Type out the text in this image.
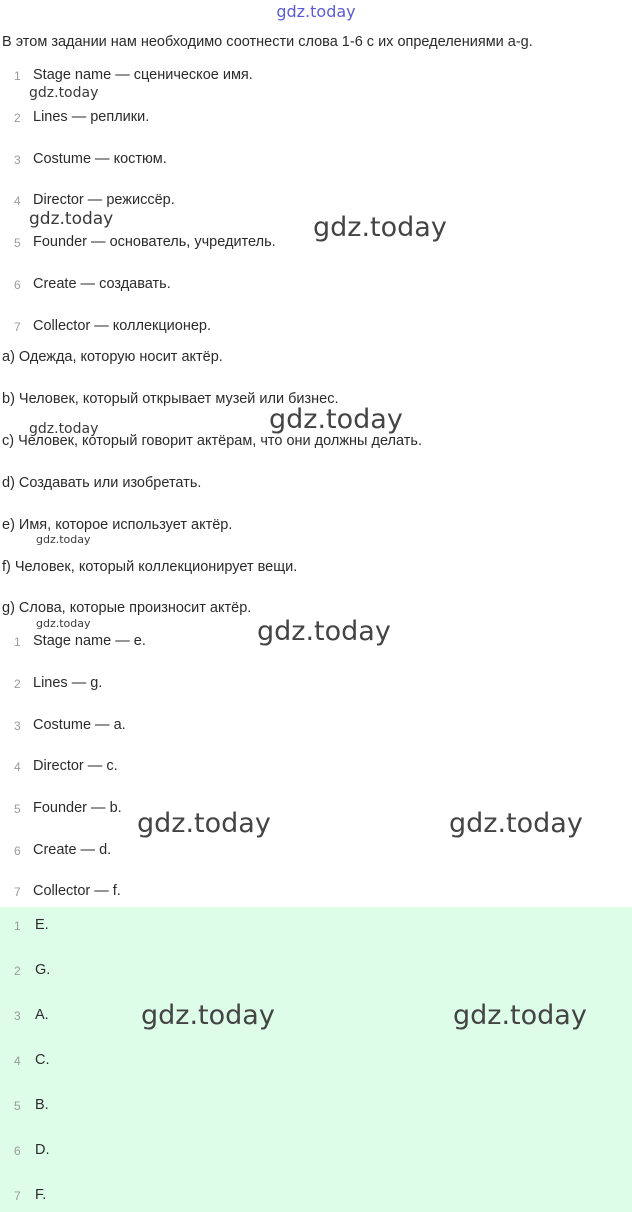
gdz.today
В этом задании нам необходимо соотнести слова 1-6 с их определениями a-g.
1 Stage name — сценическое имя.
2 Lines — реплики.
3 Costume — костюм.
4 Director — режиссёр.
5 Founder — основатель, учредитель.
6 Create — создавать.
7 Collector — коллекционер.
a) Одежда, которую носит актёр.
b) Человек, который открывает музей или бизнес.
c) Человек, который говорит актёрам, что они должны делать.
d) Создавать или изобретать.
e) Имя, которое использует актёр.
f) Человек, который коллекционирует вещи.
g) Слова, которые произносит актёр.
1 Stage name — e.
2 Lines — g.
3 Costume — a.
4 Director — c.
5 Founder — b.
6 Create — d.
7 Collector — f.
1 E.
2 G.
3 A.
4 C.
5 B.
6 D.
7 F.
gdz.today
gdz.today	gdz.today
gdz.today
gdz.today
gdz.today
gdz.today	gdz.today
gdz.today	gdz.today
gdz.today	gdz.today
